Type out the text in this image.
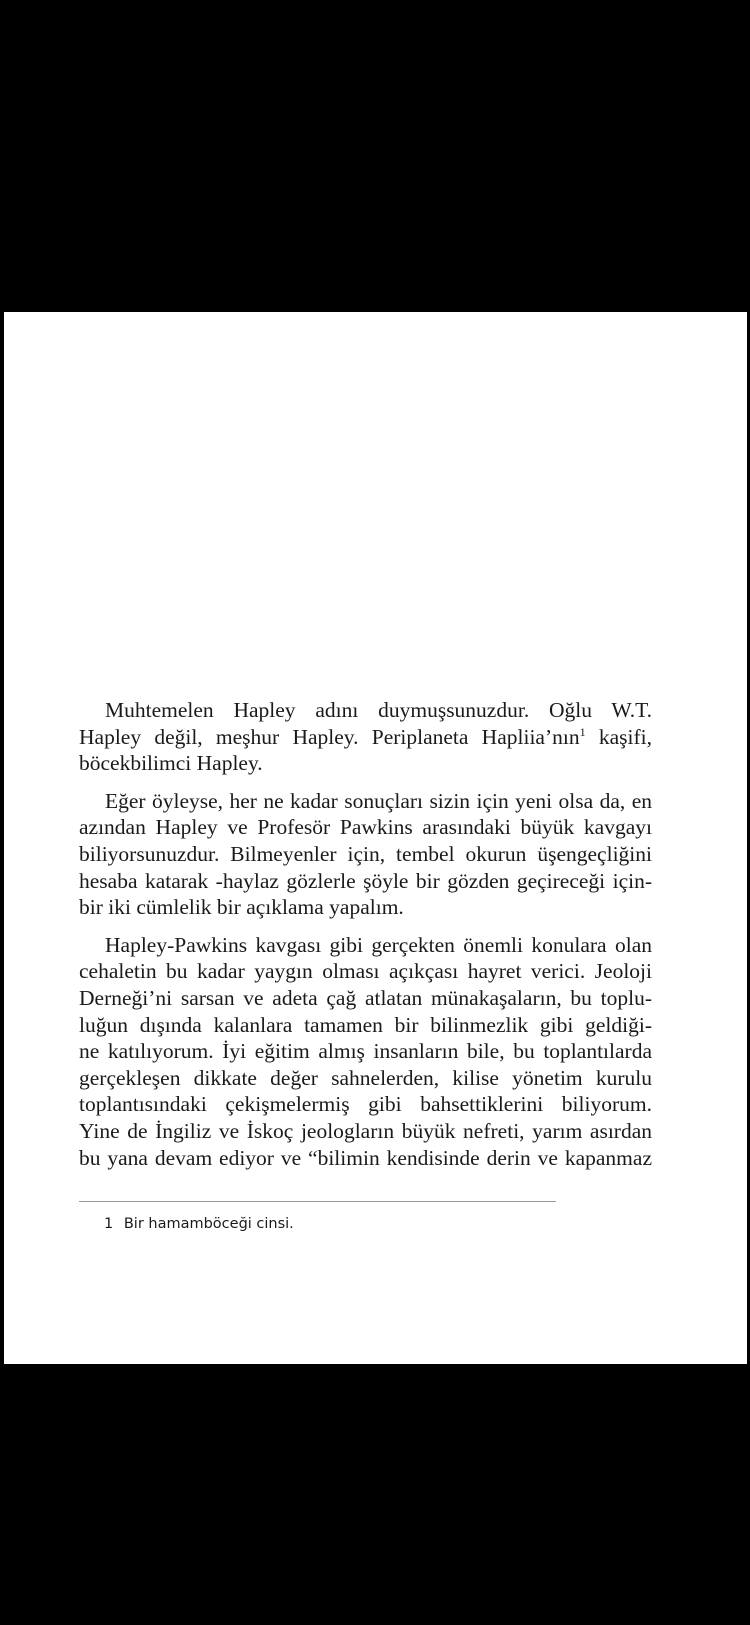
Muhtemelen Hapley adını duymuşsunuzdur. Oğlu W.T.
Hapley değil, meşhur Hapley. Periplaneta Hapliia’nın$^1$ kaşifi,
böcekbilimci Hapley.

Eğer öyleyse, her ne kadar sonuçları sizin için yeni olsa da, en
azından Hapley ve Profesör Pawkins arasındaki büyük kavgayı
biliyorsunuzdur. Bilmeyenler için, tembel okurun üşengeçliğini
hesaba katarak -haylaz gözlerle şöyle bir gözden geçireceği için-
bir iki cümlelik bir açıklama yapalım.

Hapley-Pawkins kavgası gibi gerçekten önemli konulara olan
cehaletin bu kadar yaygın olması açıkçası hayret verici. Jeoloji
Derneği’ni sarsan ve adeta çağ atlatan münakaşaların, bu toplu-
luğun dışında kalanlara tamamen bir bilinmezlik gibi geldiği-
ne katılıyorum. İyi eğitim almış insanların bile, bu toplantılarda
gerçekleşen dikkate değer sahnelerden, kilise yönetim kurulu
toplantısındaki çekişmelermiş gibi bahsettiklerini biliyorum.
Yine de İngiliz ve İskoç jeologların büyük nefreti, yarım asırdan
bu yana devam ediyor ve “bilimin kendisinde derin ve kapanmaz

1 Bir hamamböceği cinsi.
